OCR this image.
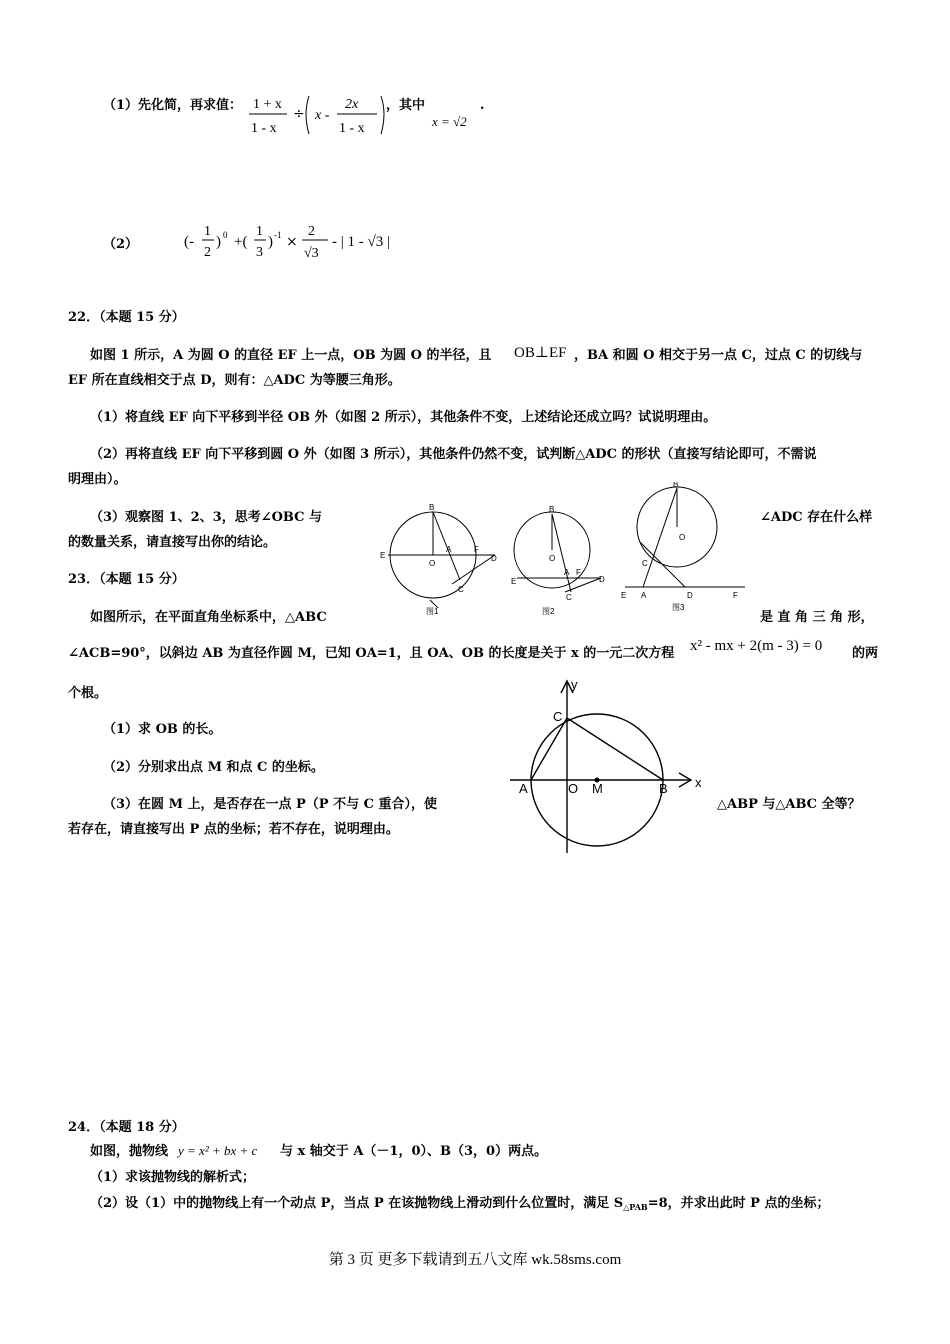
（1）先化简，再求值： 1 + x
1 - x
÷ x -
2x
1 - x
，其中
x = √2
.
（2）	(-
1
2
) 0 +(
1
3
) -1 ×
2
√3
- | 1 - √3 |
22．（本题 15 分）
如图 1 所示，A 为圆 O 的直径 EF 上一点，OB 为圆 O 的半径，且 OB⊥EF ，BA 和圆 O 相交于另一点 C，过点 C 的切线与
EF 所在直线相交于点 D，则有：△ADC 为等腰三角形。
（1）将直线 EF 向下平移到半径 OB 外（如图 2 所示），其他条件不变，上述结论还成立吗？试说明理由。
（2）再将直线 EF 向下平移到圆 O 外（如图 3 所示），其他条件仍然不变，试判断△ADC 的形状（直接写结论即可，不需说
明理由）。
（3）观察图 1、2、3，思考∠OBC 与	∠ADC 存在什么样
的数量关系，请直接写出你的结论。
B
E
O
A	F
D
C
图1
B
O
A F
E	D
C
图2
B
O
C
E A	D	F
图3
23．（本题 15 分）
如图所示，在平面直角坐标系中，△ABC	是 直 角 三 角 形，
∠ACB=90°，以斜边 AB 为直径作圆 M，已知 OA=1，且 OA、OB 的长度是关于 x 的一元二次方程 x² - mx + 2(m - 3) = 0 的两
个根。
（1）求 OB 的长。
（2）分别求出点 M 和点 C 的坐标。
（3）在圆 M 上，是否存在一点 P（P 不与 C 重合），使	△ABP 与△ABC 全等？
若存在，请直接写出 P 点的坐标；若不存在，说明理由。
y
x
C
A	O M	B
24．（本题 18 分）
如图，抛物线 y = x² + bx + c 与 x 轴交于 A（－1，0）、B（3，0）两点。
（1）求该抛物线的解析式；
（2）设（1）中的抛物线上有一个动点 P，当点 P 在该抛物线上滑动到什么位置时，满足 $S_{\triangle PAB}=8$，并求出此时 P 点的坐标；
第 3 页 更多下载请到五八文库 wk.58sms.com
